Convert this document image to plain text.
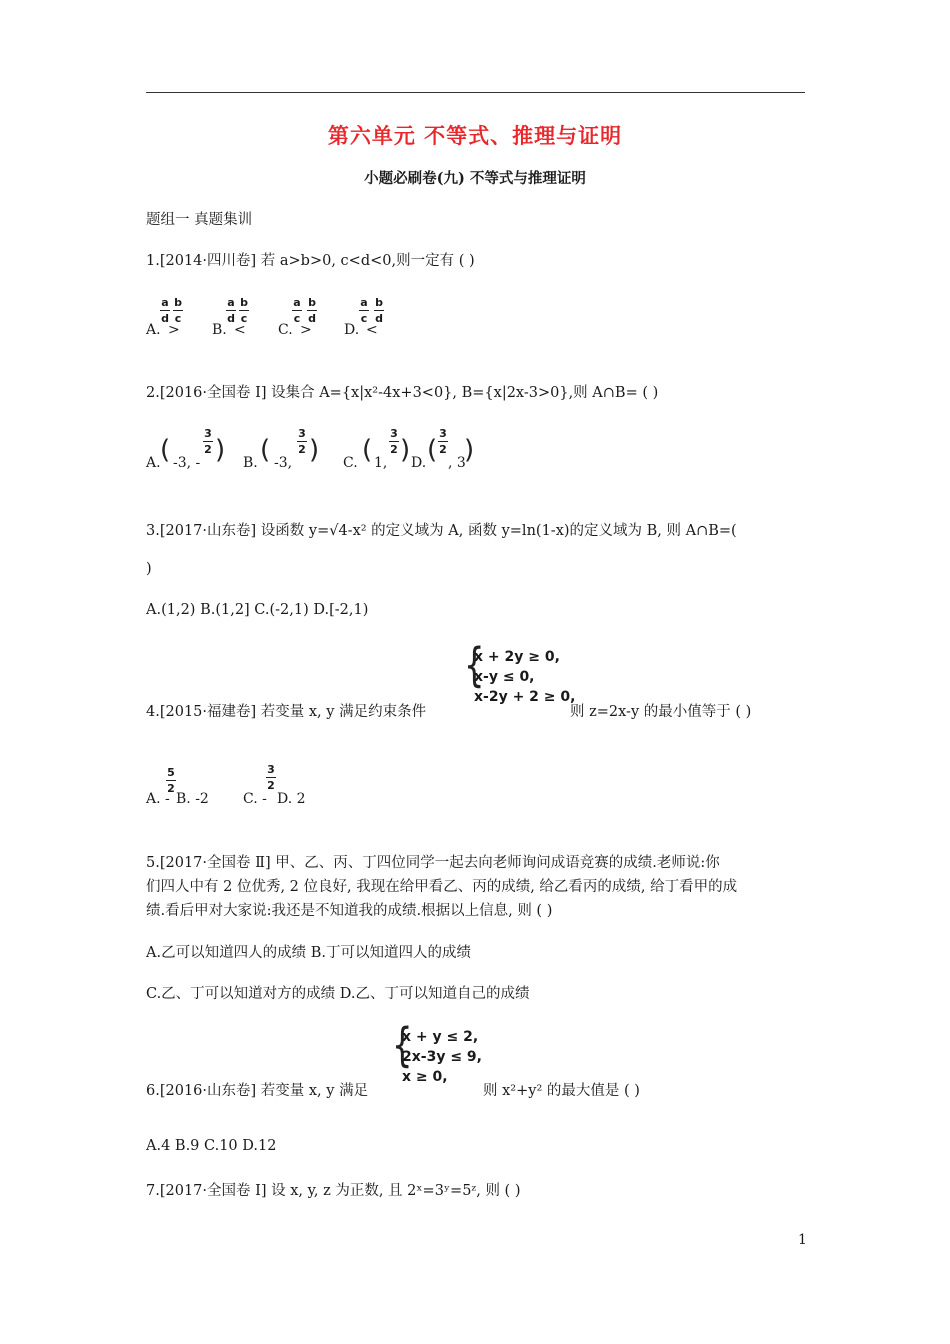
第六单元 不等式、推理与证明
小题必刷卷(九) 不等式与推理证明
题组一 真题集训
1.[2014·四川卷] 若 a>b>0, c<d<0,则一定有 ( )
A.	B.	C.	D.
a
d
b
c
>
a
d
b
c
<
a
c
b
d
>
a
c
b
d
<
2.[2016·全国卷 Ⅰ] 设集合 A={x|x²-4x+3<0}, B={x|2x-3>0},则 A∩B= ( )
A. ( -3, -
3
2 ) B. ( -3,
3
2 ) C. ( 1,
3
2 ) D. (
3
2
, 3
)
3.[2017·山东卷] 设函数 y=√4-x² 的定义域为 A, 函数 y=ln(1-x)的定义域为 B, 则 A∩B=(
)
A.(1,2) B.(1,2] C.(-2,1) D.[-2,1)
{
x + 2y ≥ 0,
x-y ≤ 0,
x-2y + 2 ≥ 0,
4.[2015·福建卷] 若变量 x, y 满足约束条件	则 z=2x-y 的最小值等于 ( )
A. -
5
2
B. -2 C. -
3
2
D. 2
5.[2017·全国卷 Ⅱ] 甲、乙、丙、丁四位同学一起去向老师询问成语竞赛的成绩.老师说:你
们四人中有 2 位优秀, 2 位良好, 我现在给甲看乙、丙的成绩, 给乙看丙的成绩, 给丁看甲的成
绩.看后甲对大家说:我还是不知道我的成绩.根据以上信息, 则 ( )
A.乙可以知道四人的成绩 B.丁可以知道四人的成绩
C.乙、丁可以知道对方的成绩 D.乙、丁可以知道自己的成绩
{
x + y ≤ 2,
2x-3y ≤ 9,
x ≥ 0,
6.[2016·山东卷] 若变量 x, y 满足	则 x²+y² 的最大值是 ( )
A.4 B.9 C.10 D.12
7.[2017·全国卷 Ⅰ] 设 x, y, z 为正数, 且 2ˣ=3ʸ=5ᶻ, 则 ( )
1
